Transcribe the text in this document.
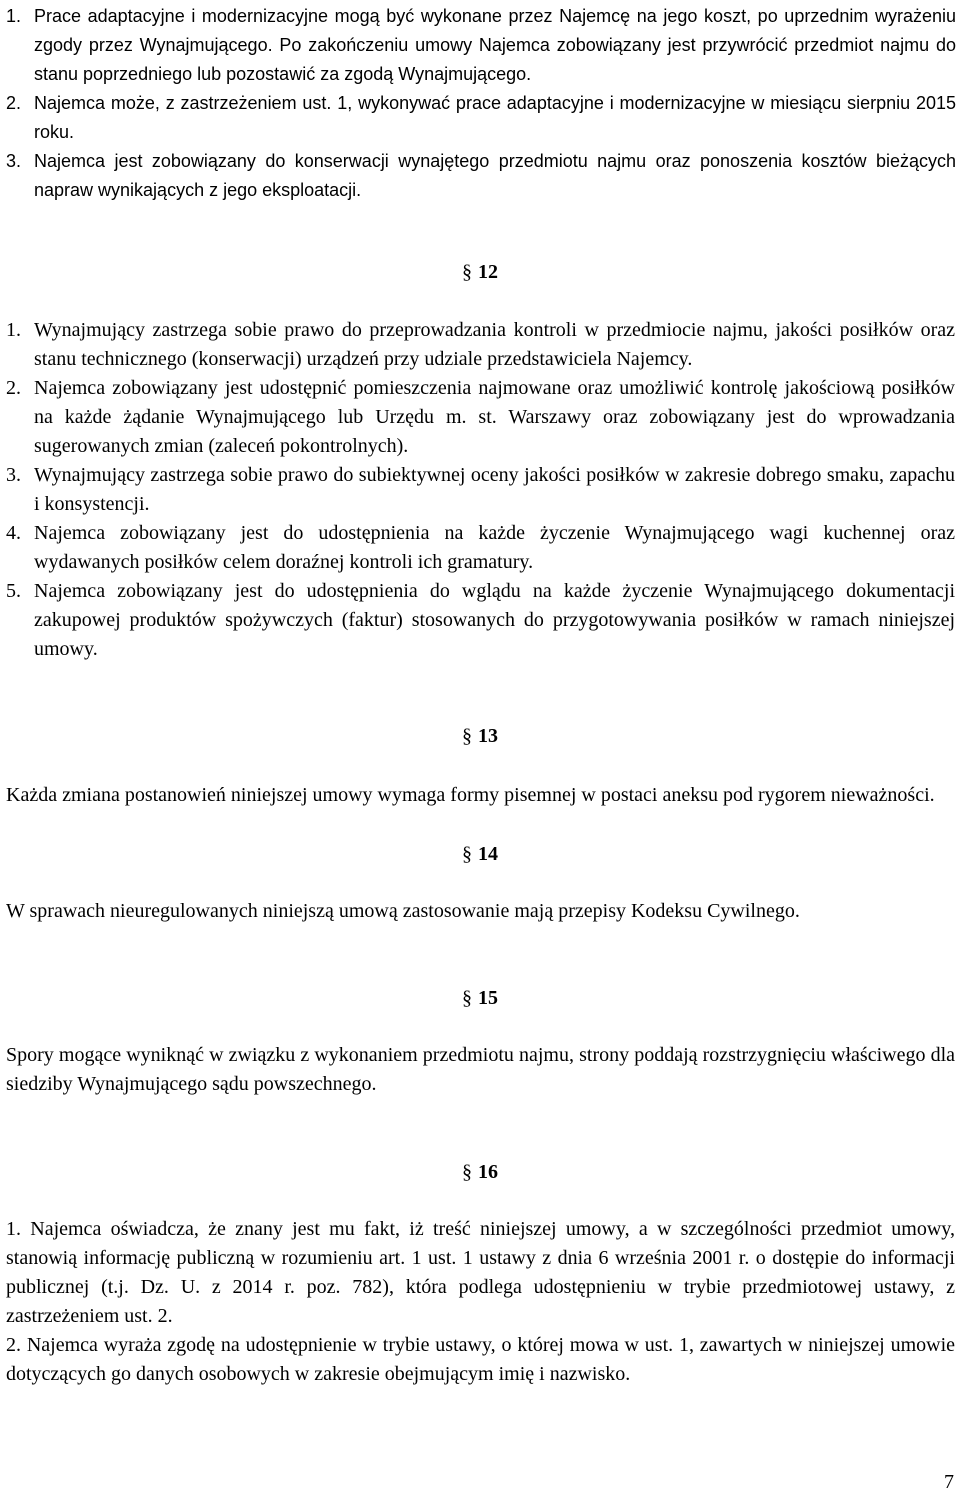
1. Prace adaptacyjne i modernizacyjne mogą być wykonane przez Najemcę na jego koszt, po uprzednim wyrażeniu zgody przez Wynajmującego. Po zakończeniu umowy Najemca zobowiązany jest przywrócić przedmiot najmu do stanu poprzedniego lub pozostawić za zgodą Wynajmującego.
2. Najemca może, z zastrzeżeniem ust. 1, wykonywać prace adaptacyjne i modernizacyjne w miesiącu sierpniu 2015 roku.
3. Najemca jest zobowiązany do konserwacji wynajętego przedmiotu najmu oraz ponoszenia kosztów bieżących napraw wynikających z jego eksploatacji.
§ 12
1. Wynajmujący zastrzega sobie prawo do przeprowadzania kontroli w przedmiocie najmu, jakości posiłków oraz stanu technicznego (konserwacji) urządzeń przy udziale przedstawiciela Najemcy.
2. Najemca zobowiązany jest udostępnić pomieszczenia najmowane oraz umożliwić kontrolę jakościową posiłków na każde żądanie Wynajmującego lub Urzędu m. st. Warszawy oraz zobowiązany jest do wprowadzania sugerowanych zmian (zaleceń pokontrolnych).
3. Wynajmujący zastrzega sobie prawo do subiektywnej oceny jakości posiłków w zakresie dobrego smaku, zapachu i konsystencji.
4. Najemca zobowiązany jest do udostępnienia na każde życzenie Wynajmującego wagi kuchennej oraz wydawanych posiłków celem doraźnej kontroli ich gramatury.
5. Najemca zobowiązany jest do udostępnienia do wglądu na każde życzenie Wynajmującego dokumentacji zakupowej produktów spożywczych (faktur) stosowanych do przygotowywania posiłków w ramach niniejszej umowy.
§ 13
Każda zmiana postanowień niniejszej umowy wymaga formy pisemnej w postaci aneksu pod rygorem nieważności.
§ 14
W sprawach nieuregulowanych niniejszą umową zastosowanie mają przepisy Kodeksu Cywilnego.
§ 15
Spory mogące wyniknąć w związku z wykonaniem przedmiotu najmu, strony poddają rozstrzygnięciu właściwego dla siedziby Wynajmującego sądu powszechnego.
§ 16
1. Najemca oświadcza, że znany jest mu fakt, iż treść niniejszej umowy, a w szczególności przedmiot umowy, stanowią informację publiczną w rozumieniu art. 1 ust. 1 ustawy z dnia 6 września 2001 r. o dostępie do informacji publicznej (t.j. Dz. U. z 2014 r. poz. 782), która podlega udostępnieniu w trybie przedmiotowej ustawy, z zastrzeżeniem ust. 2.
2. Najemca wyraża zgodę na udostępnienie w trybie ustawy, o której mowa w ust. 1, zawartych w niniejszej umowie dotyczących go danych osobowych w zakresie obejmującym imię i nazwisko.
7
